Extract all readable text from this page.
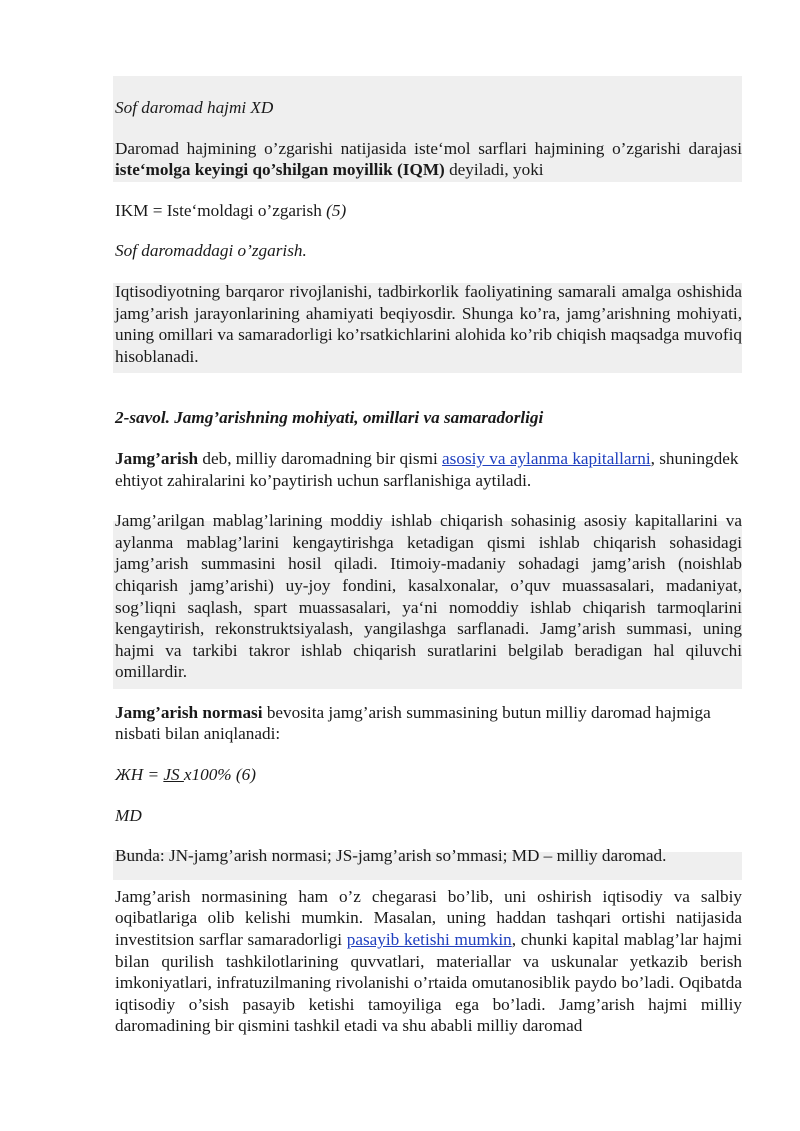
Sof daromad hajmi XD

Daromad hajmining o’zgarishi natijasida iste‘mol sarflari hajmining o’zgarishi darajasi iste‘molga keyingi qo’shilgan moyillik (IQM) deyiladi, yoki

IKM = Iste‘moldagi o’zgarish (5)

Sof daromaddagi o’zgarish.

Iqtisodiyotning barqaror rivojlanishi, tadbirkorlik faoliyatining samarali amalga oshishida jamg’arish jarayonlarining ahamiyati beqiyosdir. Shunga ko’ra, jamg’arishning mohiyati, uning omillari va samaradorligi ko’rsatkichlarini alohida ko’rib chiqish maqsadga muvofiq hisoblanadi.

2-savol. Jamg’arishning mohiyati, omillari va samaradorligi

Jamg’arish deb, milliy daromadning bir qismi asosiy va aylanma kapitallarni, shuningdek ehtiyot zahiralarini ko’paytirish uchun sarflanishiga aytiladi.

Jamg’arilgan mablag’larining moddiy ishlab chiqarish sohasinig asosiy kapitallarini va aylanma mablag’larini kengaytirishga ketadigan qismi ishlab chiqarish sohasidagi jamg’arish summasini hosil qiladi. Itimoiy-madaniy sohadagi jamg’arish (noishlab chiqarish jamg’arishi) uy-joy fondini, kasalxonalar, o’quv muassasalari, madaniyat, sog’liqni saqlash, spart muassasalari, ya‘ni nomoddiy ishlab chiqarish tarmoqlarini kengaytirish, rekonstruktsiyalash, yangilashga sarflanadi. Jamg’arish summasi, uning hajmi va tarkibi takror ishlab chiqarish suratlarini belgilab beradigan hal qiluvchi omillardir.

Jamg’arish normasi bevosita jamg’arish summasining butun milliy daromad hajmiga nisbati bilan aniqlanadi:

ЖН = JS x100% (6)

MD

Bunda: JN-jamg’arish normasi; JS-jamg’arish so’mmasi; MD – milliy daromad.

Jamg’arish normasining ham o’z chegarasi bo’lib, uni oshirish iqtisodiy va salbiy oqibatlariga olib kelishi mumkin. Masalan, uning haddan tashqari ortishi natijasida investitsion sarflar samaradorligi pasayib ketishi mumkin, chunki kapital mablag’lar hajmi bilan qurilish tashkilotlarining quvvatlari, materiallar va uskunalar yetkazib berish imkoniyatlari, infratuzilmaning rivolanishi o’rtaida omutanosiblik paydo bo’ladi. Oqibatda iqtisodiy o’sish pasayib ketishi tamoyiliga ega bo’ladi. Jamg’arish hajmi milliy daromadining bir qismini tashkil etadi va shu ababli milliy daromad
